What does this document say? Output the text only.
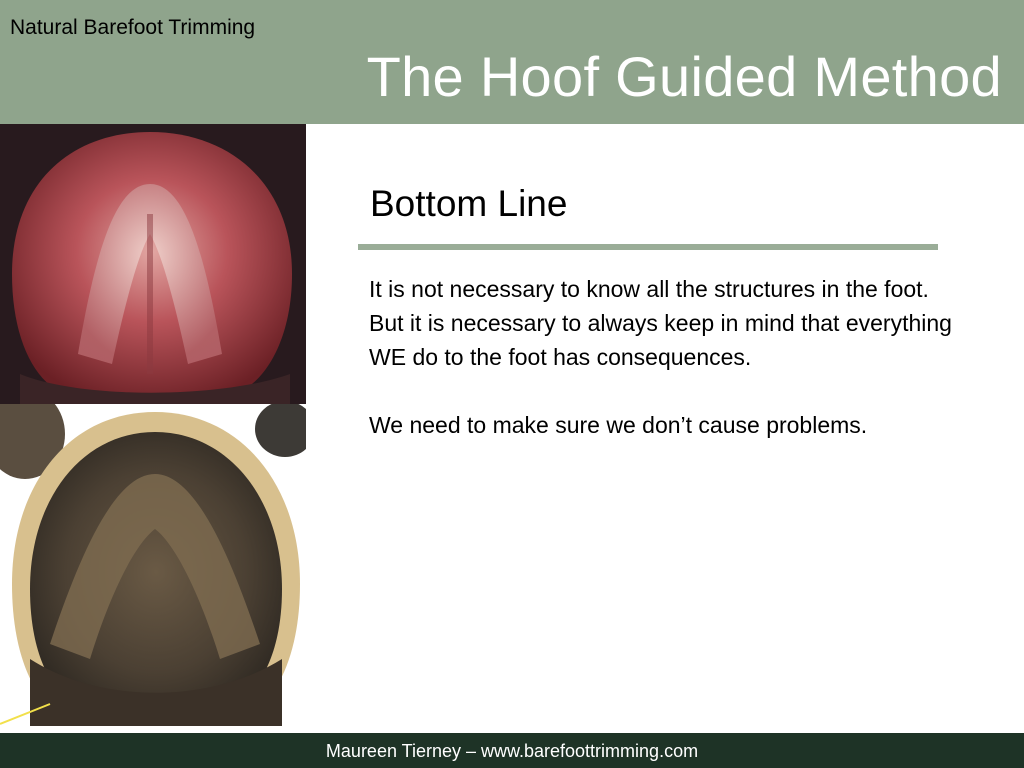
Natural Barefoot Trimming
The Hoof Guided Method
Bottom Line

It is not necessary to know all the structures in the foot. But it is necessary to always keep in mind that everything WE do to the foot has consequences.

We need to make sure we don’t cause problems.

Maureen Tierney – www.barefoottrimming.com
